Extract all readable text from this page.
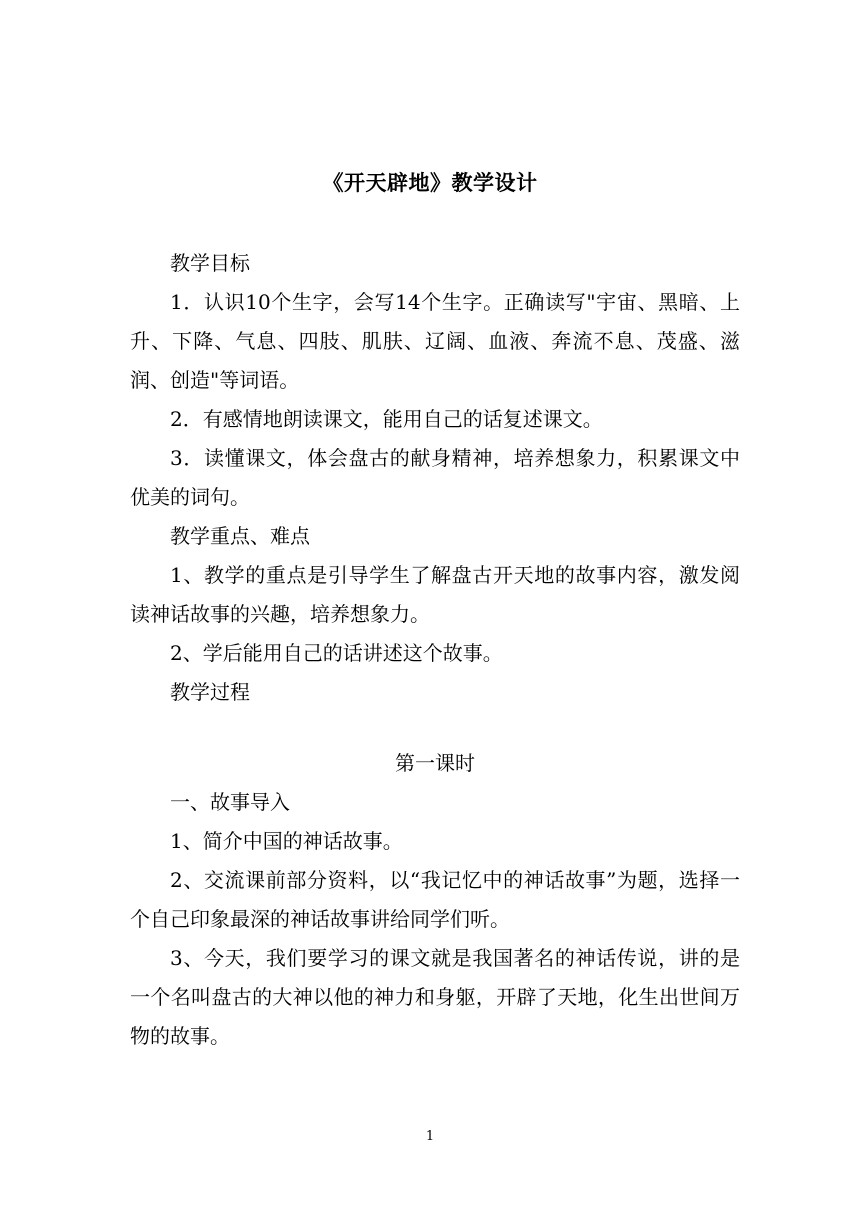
《开天辟地》教学设计

教学目标

1．认识10个生字，会写14个生字。正确读写"宇宙、黑暗、上升、下降、气息、四肢、肌肤、辽阔、血液、奔流不息、茂盛、滋润、创造"等词语。

2．有感情地朗读课文，能用自己的话复述课文。

3．读懂课文，体会盘古的献身精神，培养想象力，积累课文中优美的词句。

教学重点、难点

1、教学的重点是引导学生了解盘古开天地的故事内容，激发阅读神话故事的兴趣，培养想象力。

2、学后能用自己的话讲述这个故事。

教学过程

第一课时

一、故事导入

1、简介中国的神话故事。

2、交流课前部分资料，以“我记忆中的神话故事”为题，选择一个自己印象最深的神话故事讲给同学们听。

3、今天，我们要学习的课文就是我国著名的神话传说，讲的是一个名叫盘古的大神以他的神力和身躯，开辟了天地，化生出世间万物的故事。

1
